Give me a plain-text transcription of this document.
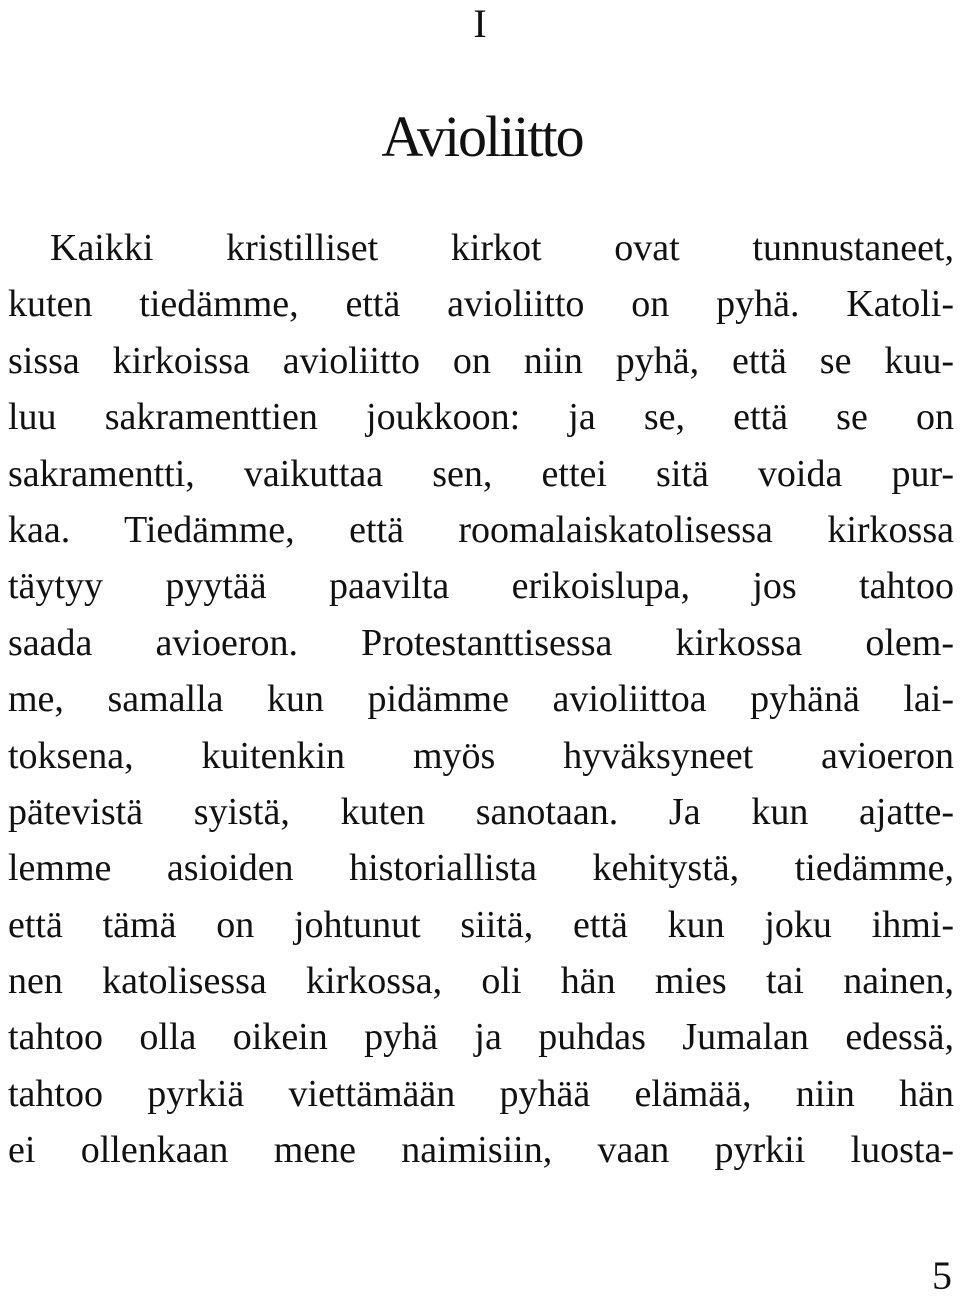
I
Avioliitto
Kaikki kristilliset kirkot ovat tunnustaneet,
kuten tiedämme, että avioliitto on pyhä. Katoli-
sissa kirkoissa avioliitto on niin pyhä, että se kuu-
luu sakramenttien joukkoon: ja se, että se on
sakramentti, vaikuttaa sen, ettei sitä voida pur-
kaa. Tiedämme, että roomalaiskatolisessa kirkossa
täytyy pyytää paavilta erikoislupa, jos tahtoo
saada avioeron. Protestanttisessa kirkossa olem-
me, samalla kun pidämme avioliittoa pyhänä lai-
toksena, kuitenkin myös hyväksyneet avioeron
pätevistä syistä, kuten sanotaan. Ja kun ajatte-
lemme asioiden historiallista kehitystä, tiedämme,
että tämä on johtunut siitä, että kun joku ihmi-
nen katolisessa kirkossa, oli hän mies tai nainen,
tahtoo olla oikein pyhä ja puhdas Jumalan edessä,
tahtoo pyrkiä viettämään pyhää elämää, niin hän
ei ollenkaan mene naimisiin, vaan pyrkii luosta-
5
